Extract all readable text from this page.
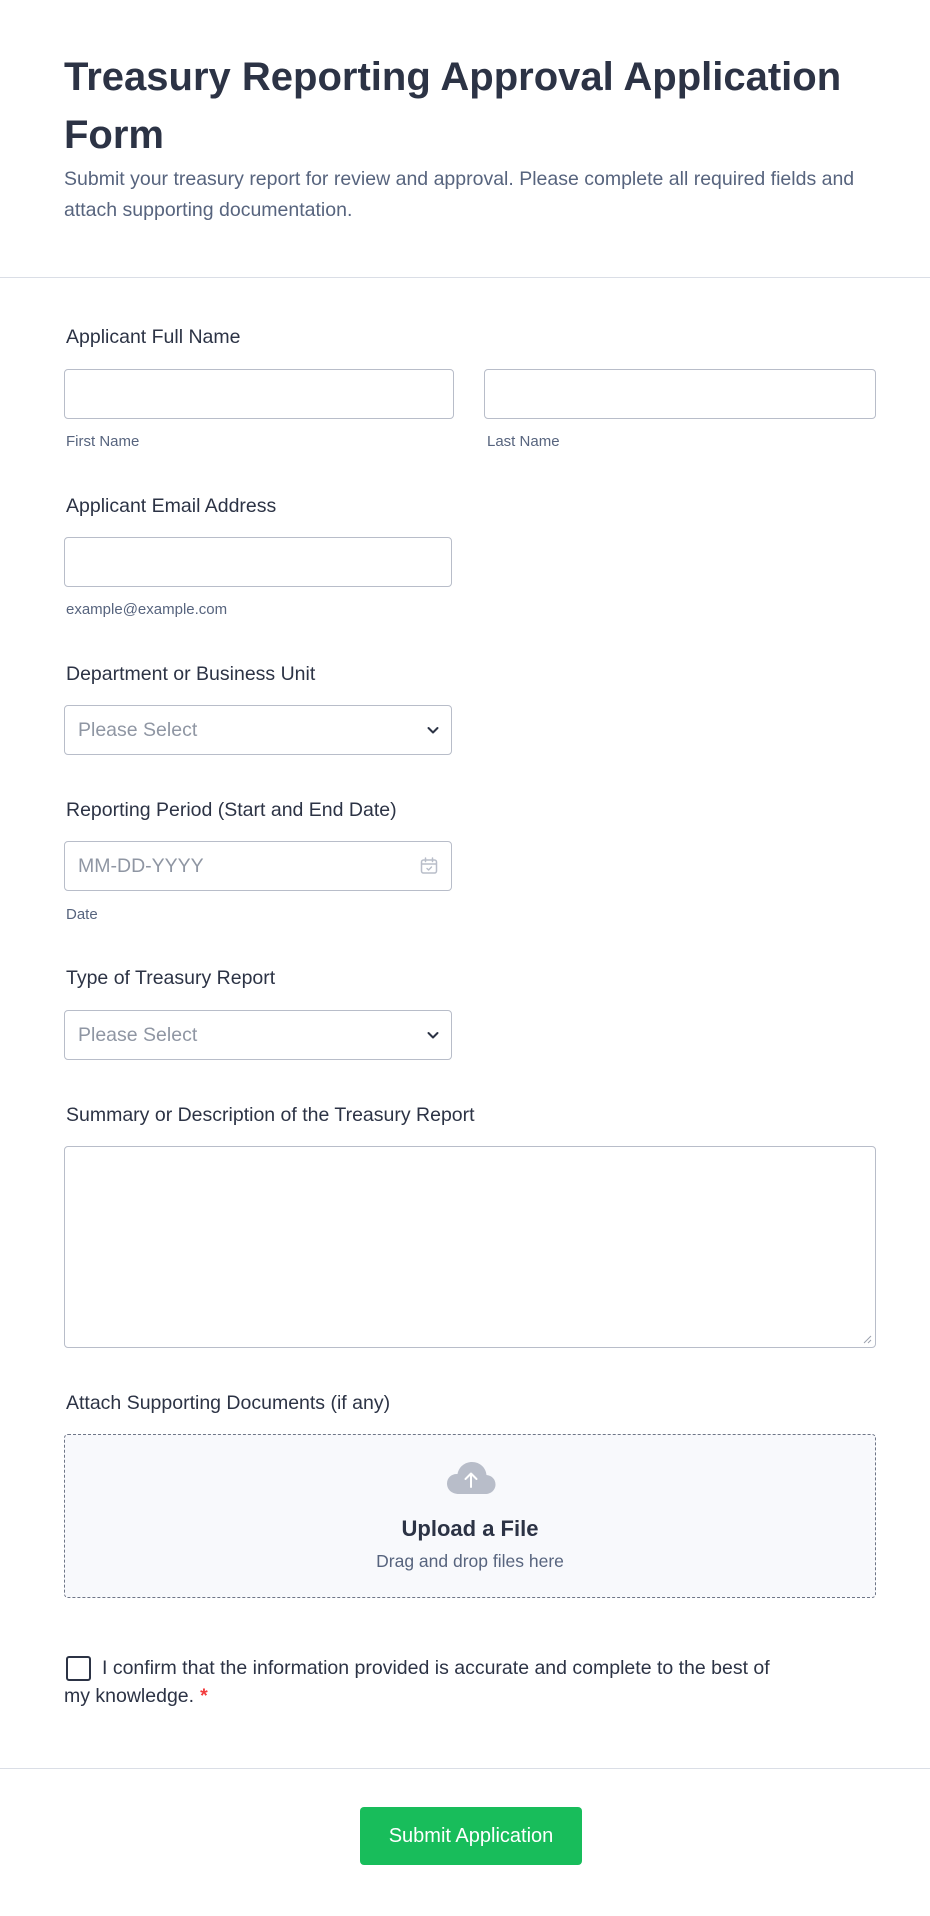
Treasury Reporting Approval Application Form

Submit your treasury report for review and approval. Please complete all required fields and attach supporting documentation.

Applicant Full Name
First Name	Last Name
Applicant Email Address
example@example.com
Department or Business Unit
Please Select
Reporting Period (Start and End Date)
MM-DD-YYYY
Date
Type of Treasury Report
Please Select
Summary or Description of the Treasury Report
Attach Supporting Documents (if any)
Upload a File
Drag and drop files here
I confirm that the information provided is accurate and complete to the best of my knowledge. *
Submit Application
